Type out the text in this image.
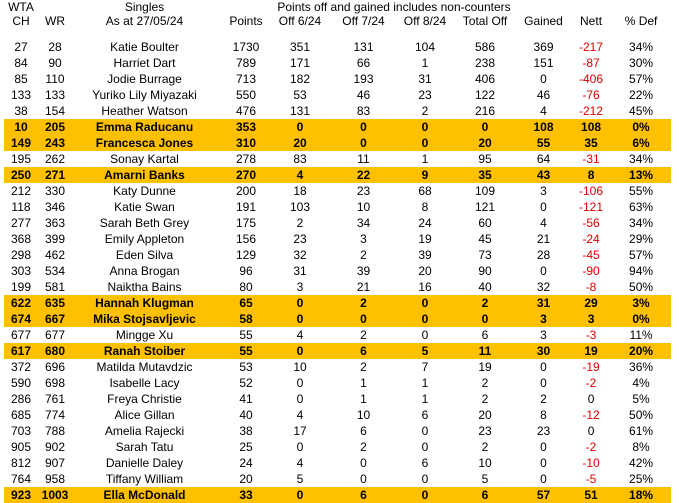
WTA		Singles	Points off and gained includes non-counters							
CH	WR	As at 27/05/24	Points	Off 6/24	Off 7/24	Off 8/24	Total Off	Gained	Nett	% Def

27	28	Katie Boulter	1730	351	131	104	586	369	-217	34%
84	90	Harriet Dart	789	171	66	1	238	151	-87	30%
85	110	Jodie Burrage	713	182	193	31	406	0	-406	57%
133	133	Yuriko Lily Miyazaki	550	53	46	23	122	46	-76	22%
38	154	Heather Watson	476	131	83	2	216	4	-212	45%
10	205	Emma Raducanu	353	0	0	0	0	108	108	0%
149	243	Francesca Jones	310	20	0	0	20	55	35	6%
195	262	Sonay Kartal	278	83	11	1	95	64	-31	34%
250	271	Amarni Banks	270	4	22	9	35	43	8	13%
212	330	Katy Dunne	200	18	23	68	109	3	-106	55%
118	346	Katie Swan	191	103	10	8	121	0	-121	63%
277	363	Sarah Beth Grey	175	2	34	24	60	4	-56	34%
368	399	Emily Appleton	156	23	3	19	45	21	-24	29%
298	462	Eden Silva	129	32	2	39	73	28	-45	57%
303	534	Anna Brogan	96	31	39	20	90	0	-90	94%
199	581	Naiktha Bains	80	3	21	16	40	32	-8	50%
622	635	Hannah Klugman	65	0	2	0	2	31	29	3%
674	667	Mika Stojsavljevic	58	0	0	0	0	3	3	0%
677	677	Mingge Xu	55	4	2	0	6	3	-3	11%
617	680	Ranah Stoiber	55	0	6	5	11	30	19	20%
372	696	Matilda Mutavdzic	53	10	2	7	19	0	-19	36%
590	698	Isabelle Lacy	52	0	1	1	2	0	-2	4%
286	761	Freya Christie	41	0	1	1	2	2	0	5%
685	774	Alice Gillan	40	4	10	6	20	8	-12	50%
703	788	Amelia Rajecki	38	17	6	0	23	23	0	61%
905	902	Sarah Tatu	25	0	2	0	2	0	-2	8%
812	907	Danielle Daley	24	4	0	6	10	0	-10	42%
764	958	Tiffany William	20	5	0	0	5	0	-5	25%
923	1003	Ella McDonald	33	0	6	0	6	57	51	18%
